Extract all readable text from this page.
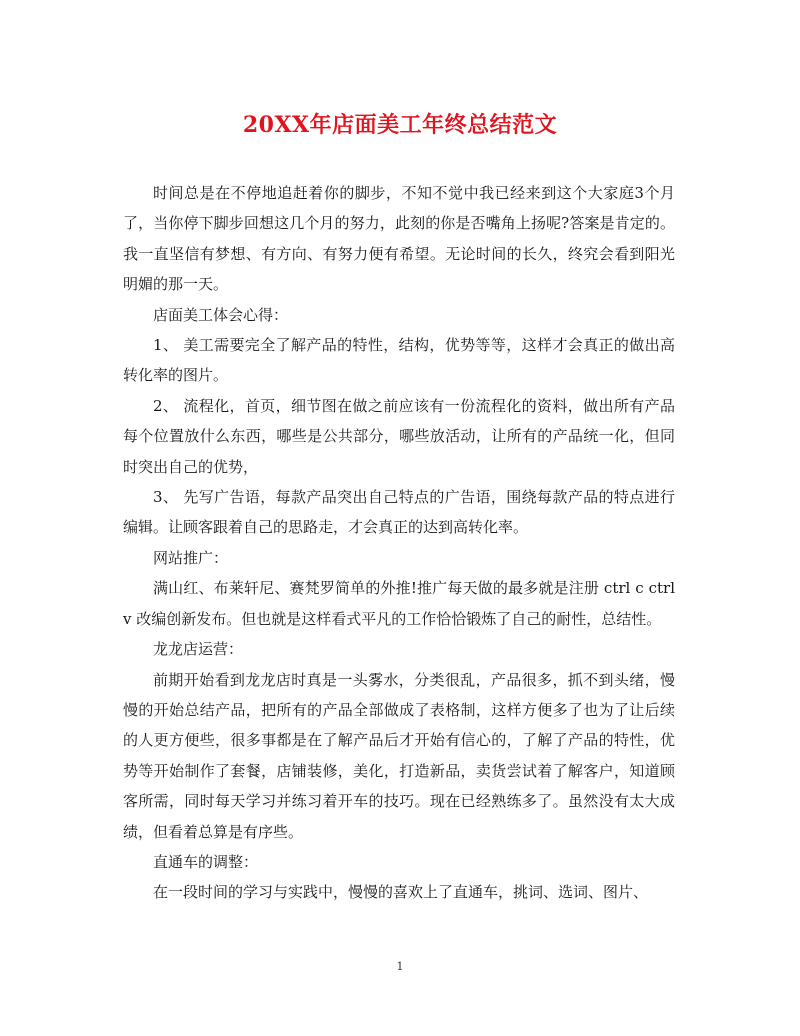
20XX年店面美工年终总结范文

时间总是在不停地追赶着你的脚步，不知不觉中我已经来到这个大家庭3个月了，当你停下脚步回想这几个月的努力，此刻的你是否嘴角上扬呢?答案是肯定的。我一直坚信有梦想、有方向、有努力便有希望。无论时间的长久，终究会看到阳光明媚的那一天。

店面美工体会心得：

1、 美工需要完全了解产品的特性，结构，优势等等，这样才会真正的做出高转化率的图片。

2、 流程化，首页，细节图在做之前应该有一份流程化的资料，做出所有产品每个位置放什么东西，哪些是公共部分，哪些放活动，让所有的产品统一化，但同时突出自己的优势，

3、 先写广告语，每款产品突出自己特点的广告语，围绕每款产品的特点进行编辑。让顾客跟着自己的思路走，才会真正的达到高转化率。

网站推广：

满山红、布莱轩尼、赛梵罗简单的外推!推广每天做的最多就是注册 ctrl c ctrl v 改编创新发布。但也就是这样看式平凡的工作恰恰锻炼了自己的耐性，总结性。

龙龙店运营：

前期开始看到龙龙店时真是一头雾水，分类很乱，产品很多，抓不到头绪，慢慢的开始总结产品，把所有的产品全部做成了表格制，这样方便多了也为了让后续的人更方便些，很多事都是在了解产品后才开始有信心的，了解了产品的特性，优势等开始制作了套餐，店铺装修，美化，打造新品，卖货尝试着了解客户，知道顾客所需，同时每天学习并练习着开车的技巧。现在已经熟练多了。虽然没有太大成绩，但看着总算是有序些。

直通车的调整：

在一段时间的学习与实践中，慢慢的喜欢上了直通车，挑词、选词、图片、

1
